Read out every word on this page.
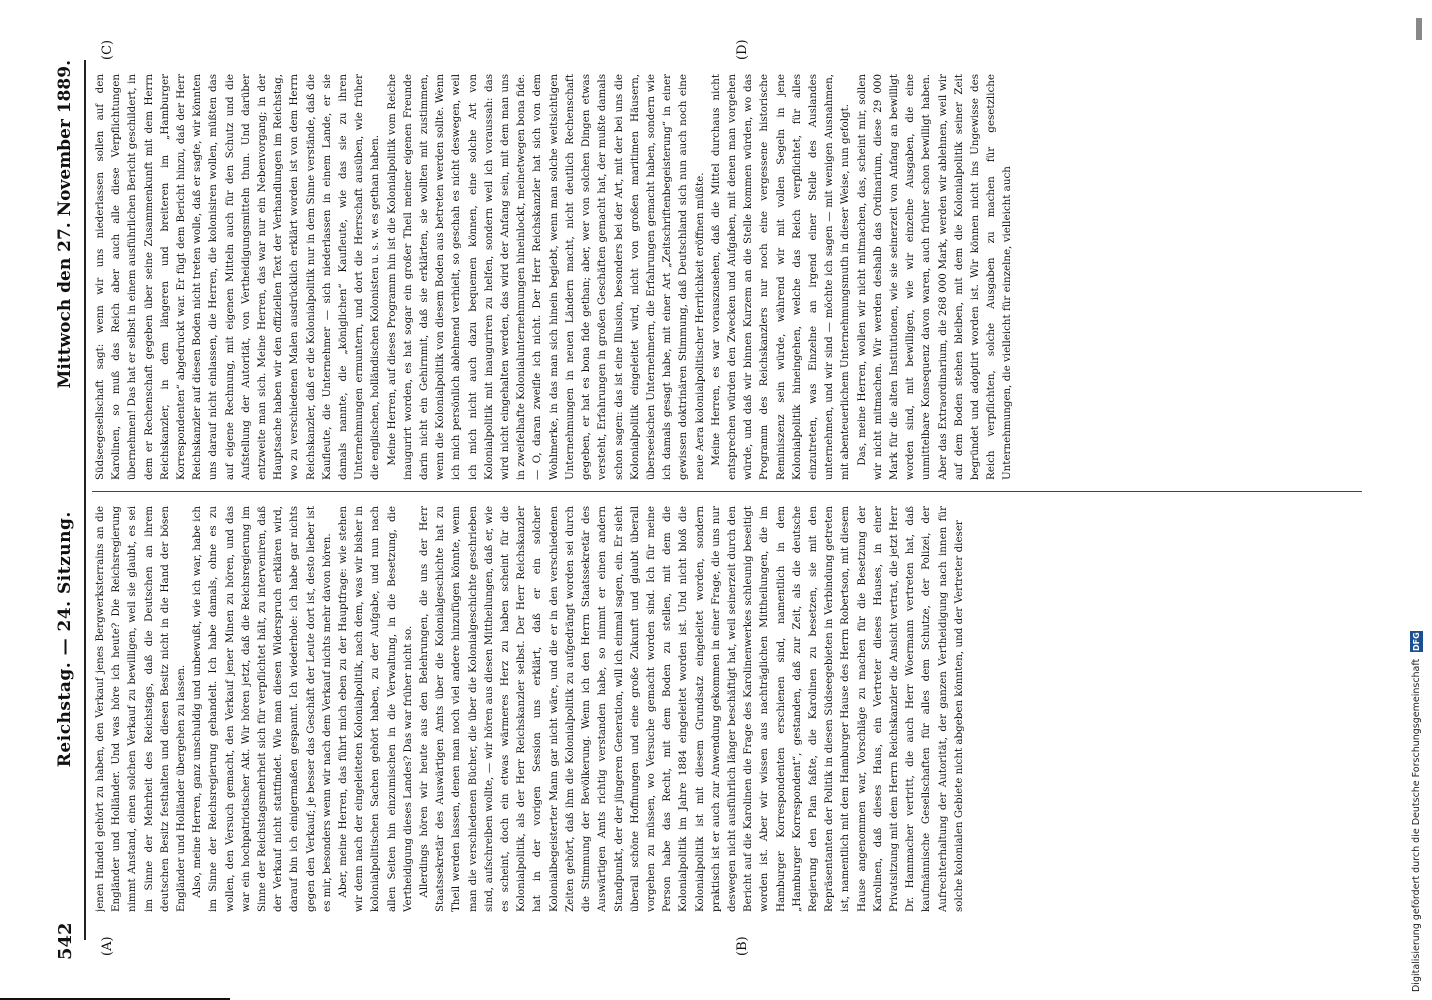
542
Reichstag. — 24. Sitzung.
Mittwoch den 27. November 1889.
(A)	(B)
(C)	(D)

jenen Handel gehört zu haben, den Verkauf jenes Bergwerksterrains an die Engländer und Holländer. Und was höre ich heute? Die Reichsregierung nimmt Anstand, einen solchen Verkauf zu bewilligen, weil sie glaubt, es sei im Sinne der Mehrheit des Reichstags, daß die Deutschen an ihrem deutschen Besitz festhalten und diesen Besitz nicht in die Hand der bösen Engländer und Holländer übergehen zu lassen. Also, meine Herren, ganz unschuldig und unbewußt, wie ich war, habe ich im Sinne der Reichsregierung gehandelt. Ich habe damals, ohne es zu wollen, den Versuch gemacht, den Verkauf jener Minen zu hören, und das war ein hochpatriotischer Akt. Wir hören jetzt, daß die Reichsregierung im Sinne der Reichstagsmehrheit sich für verpflichtet hält, zu interveniren, daß der Verkauf nicht stattfindet. Wie man diesen Widerspruch erklären wird, darauf bin ich einigermaßen gespannt. Ich wiederhole: ich habe gar nichts gegen den Verkauf; je besser das Geschäft der Leute dort ist, desto lieber ist es mir, besonders wenn wir nach dem Verkauf nichts mehr davon hören. Aber, meine Herren, das führt mich eben zu der Hauptfrage: wie stehen wir denn nach der eingeleiteten Kolonialpolitik, nach dem, was wir bisher in kolonialpolitischen Sachen gehört haben, zu der Aufgabe, und nun nach allen Seiten hin einzumischen in die Verwaltung, in die Besetzung, die Vertheidigung dieses Landes? Das war früher nicht so. Allerdings hören wir heute aus den Belehrungen, die uns der Herr Staatssekretär des Auswärtigen Amts über die Kolonialgeschichte hat zu Theil werden lassen, denen man noch viel andere hinzufügen könnte, wenn man die verschiedenen Bücher, die über die Kolonialgeschichte geschrieben sind, aufschreiben wollte, — wir hören aus diesen Mittheilungen, daß er, wie es scheint, doch ein etwas wärmeres Herz zu haben scheint für die Kolonialpolitik, als der Herr Reichskanzler selbst. Der Herr Reichskanzler hat in der vorigen Session uns erklärt, daß er ein solcher Kolonialbegeisterter Mann gar nicht wäre, und die er in den verschiedenen Zeiten gehört, daß ihm die Kolonialpolitik zu aufgedrängt worden sei durch die Stimmung der Bevölkerung. Wenn ich den Herrn Staatssekretär des Auswärtigen Amts richtig verstanden habe, so nimmt er einen andern Standpunkt, der der jüngeren Generation, will ich einmal sagen, ein. Er sieht überall schöne Hoffnungen und eine große Zukunft und glaubt überall vorgehen zu müssen, wo Versuche gemacht worden sind. Ich für meine Person habe das Recht, mit dem Boden zu stellen, mit dem die Kolonialpolitik im Jahre 1884 eingeleitet worden ist. Und nicht bloß die Kolonialpolitik ist mit diesem Grundsatz eingeleitet worden, sondern praktisch ist er auch zur Anwendung gekommen in einer Frage, die uns nur deswegen nicht ausführlich länger beschäftigt hat, weil seinerzeit durch den Bericht auf die Karolinen die Frage des Karolinenwerkes schleunig beseitigt worden ist. Aber wir wissen aus nachträglichen Mittheilungen, die im Hamburger Korrespondenten erschienen sind, namentlich in dem „Hamburger Korrespondent“, gestanden, daß zur Zeit, als die deutsche Regierung den Plan faßte, die Karolinen zu besetzen, sie mit den Repräsentanten der Politik in diesen Südseegebieten in Verbindung getreten ist, namentlich mit dem Hamburger Hause des Herrn Robertson, mit diesem Hause angenommen war, Vorschläge zu machen für die Besetzung der Karolinen, daß dieses Haus, ein Vertreter dieses Hauses, in einer Privatsitzung mit dem Herrn Reichskanzler die Ansicht vertrat, die jetzt Herr Dr. Hammacher vertritt, die auch Herr Woermann vertreten hat, daß kaufmännische Gesellschaften für alles dem Schutze, der Polizei, der Aufrechterhaltung der Autorität, der ganzen Vertheidigung nach innen für solche kolonialen Gebiete nicht abgeben könnten, und der Vertreter dieser

Südseegesellschaft sagt: wenn wir uns niederlassen sollen auf den Karolinen, so muß das Reich aber auch alle diese Verpflichtungen übernehmen! Das hat er selbst in einem ausführlichen Bericht geschildert, in dem er Rechenschaft gegeben über seine Zusammenkunft mit dem Herrn Reichskanzler, in dem längeren und breiteren im „Hamburger Korrespondenten“ abgedruckt war. Er fügt dem Bericht hinzu, daß der Herr Reichskanzler auf diesen Boden nicht treten wolle, daß er sagte, wir könnten uns darauf nicht einlassen, die Herren, die kolonisiren wollen, müßten das auf eigene Rechnung, mit eigenen Mitteln auch für den Schutz und die Aufstellung der Autorität, von Vertheidigungsmitteln thun. Und darüber entzweite man sich. Meine Herren, das war nur ein Nebenvorgang; in der Hauptsache haben wir den offiziellen Text der Verhandlungen im Reichstag, wo zu verschiedenen Malen ausdrücklich erklärt worden ist von dem Herrn Reichskanzler, daß er die Kolonialpolitik nur in dem Sinne verstände, daß die Kaufleute, die Unternehmer — sich niederlassen in einem Lande, er sie damals nannte, die „königlichen“ Kaufleute, wie das sie zu ihren Unternehmungen ermuntern, und dort die Herrschaft ausüben, wie früher die englischen, holländischen Kolonisten u. s. w. es gethan haben. Meine Herren, auf dieses Programm hin ist die Kolonialpolitik vom Reiche inaugurirt worden, es hat sogar ein großer Theil meiner eigenen Freunde darin nicht ein Gehirnmit, daß sie erklärten, sie wollten mit zustimmen, wenn die Kolonialpolitik von diesem Boden aus betreten werden sollte. Wenn ich mich persönlich ablehnend verhielt, so geschah es nicht deswegen, weil ich mich nicht auch dazu bequemen können, eine solche Art von Kolonialpolitik mit inauguriren zu helfen, sondern weil ich voraussah: das wird nicht eingehalten werden, das wird der Anfang sein, mit dem man uns in zweifelhafte Kolonialunternehmungen hineinlockt, meinetwegen bona fide. — O, daran zweifle ich nicht. Der Herr Reichskanzler hat sich von dem Wohlmerke, in das man sich hinein begiebt, wenn man solche weitsichtigen Unternehmungen in neuen Ländern macht, nicht deutlich Rechenschaft gegeben, er hat es bona fide gethan; aber, wer von solchen Dingen etwas versteht, Erfahrungen in großen Geschäften gemacht hat, der mußte damals schon sagen: das ist eine Illusion, besonders bei der Art, mit der bei uns die Kolonialpolitik eingeleitet wird, nicht von großen maritimen Häusern, überseeischen Unternehmern, die Erfahrungen gemacht haben, sondern wie ich damals gesagt habe, mit einer Art „Zeitschriftenbegeisterung“ in einer gewissen doktrinären Stimmung, daß Deutschland sich nun auch noch eine neue Aera kolonialpolitischer Herrlichkeit eröffnen müßte. Meine Herren, es war vorauszusehen, daß die Mittel durchaus nicht entsprechen würden den Zwecken und Aufgaben, mit denen man vorgehen würde, und daß wir binnen Kurzem an die Stelle kommen würden, wo das Programm des Reichskanzlers nur noch eine vergessene historische Reminiszenz sein würde, während wir mit vollen Segeln in jene Kolonialpolitik hineingehen, welche das Reich verpflichtet, für alles einzutreten, was Einzelne an irgend einer Stelle des Auslandes unternehmen, und wir sind — möchte ich sagen — mit wenigen Ausnahmen, mit abenteuerlichem Unternehmungsmuth in dieser Weise, nun gefolgt. Das, meine Herren, wollen wir nicht mitmachen, das, scheint mir, sollen wir nicht mitmachen. Wir werden deshalb das Ordinarium, diese 29 000 Mark für die alten Institutionen, wie sie seinerzeit von Anfang an bewilligt worden sind, mit bewilligen, wie wir einzelne Ausgaben, die eine unmittelbare Konsequenz davon waren, auch früher schon bewilligt haben. Aber das Extraordinarium, die 268 000 Mark, werden wir ablehnen, weil wir auf dem Boden stehen bleiben, mit dem die Kolonialpolitik seiner Zeit begründet und adoptirt worden ist. Wir können nicht ins Ungewisse des Reich verpflichten, solche Ausgaben zu machen für gesetzliche Unternehmungen, die vielleicht für einzelne, vielleicht auch

Digitalisierung gefördert durch die Deutsche Forschungsgemeinschaft DFG
